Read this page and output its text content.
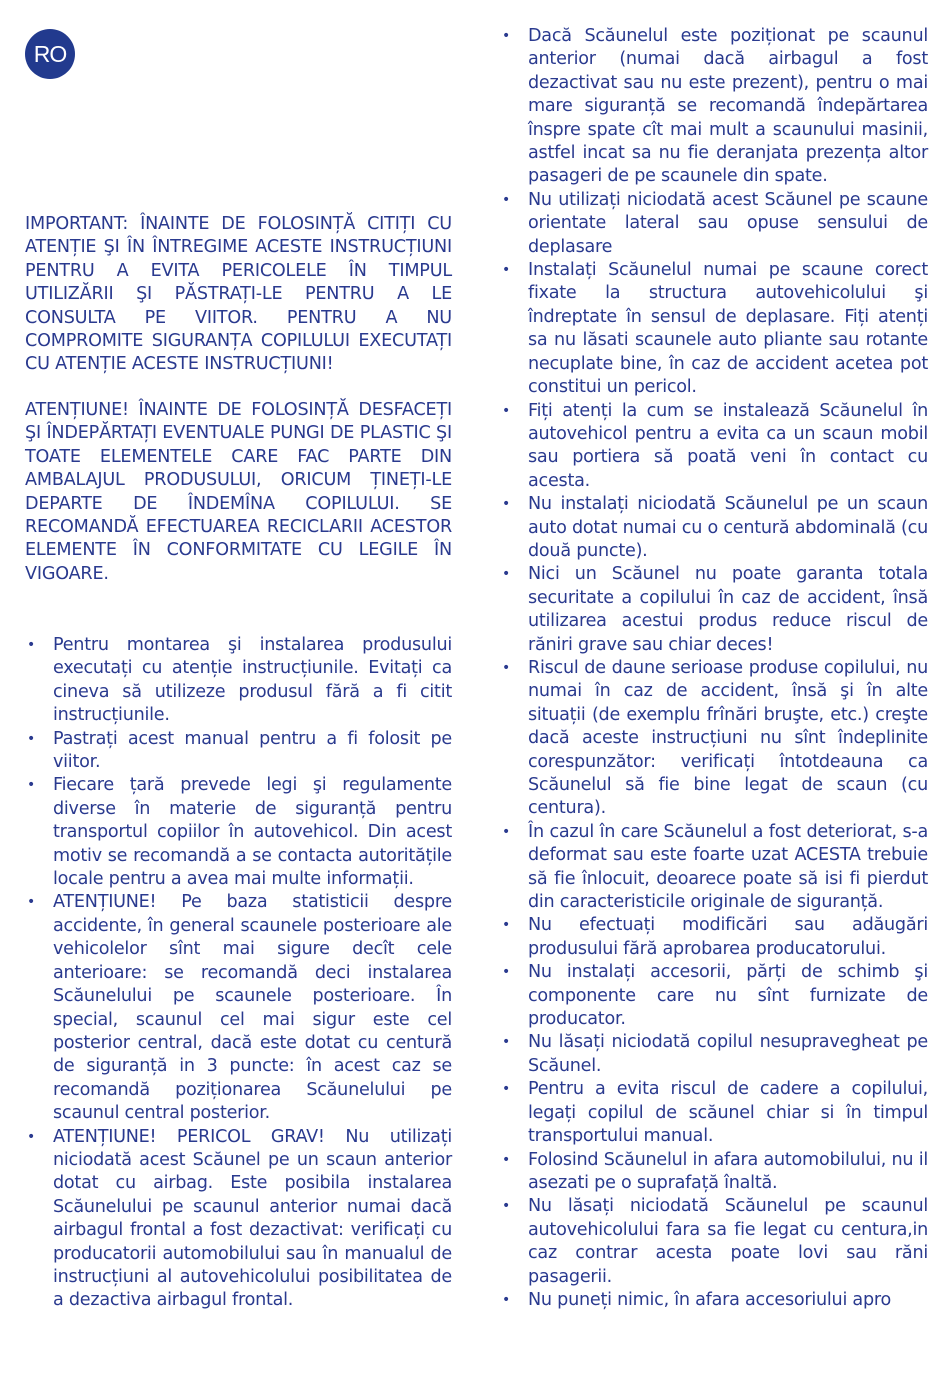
RO

IMPORTANT: ÎNAINTE DE FOLOSINȚĂ CITIȚI CU ATENȚIE ŞI ÎN ÎNTREGIME ACESTE INSTRUCȚIUNI PENTRU A EVITA PERICOLELE ÎN TIMPUL UTILIZĂRII ŞI PĂSTRAȚI-LE PENTRU A LE CONSULTA PE VIITOR. PENTRU A NU COMPROMITE SIGURANȚA COPILULUI EXECUTAȚI CU ATENȚIE ACESTE INSTRUCȚIUNI!

ATENȚIUNE! ÎNAINTE DE FOLOSINȚĂ DESFACEȚI ŞI ÎNDEPĂRTAȚI EVENTUALE PUNGI DE PLASTIC ŞI TOATE ELEMENTELE CARE FAC PARTE DIN AMBALAJUL PRODUSULUI, ORICUM ȚINEȚI-LE DEPARTE DE ÎNDEMÎNA COPILULUI. SE RECOMANDĂ EFECTUAREA RECICLARII ACESTOR ELEMENTE ÎN CONFORMITATE CU LEGILE ÎN VIGOARE.

• Pentru montarea şi instalarea produsului executați cu atenție instrucțiunile. Evitați ca cineva să utilizeze produsul fără a fi citit instrucțiunile.
• Pastrați acest manual pentru a fi folosit pe viitor.
• Fiecare țară prevede legi şi regulamente diverse în materie de siguranță pentru transportul copiilor în autovehicol. Din acest motiv se recomandă a se contacta autoritățile locale pentru a avea mai multe informații.
• ATENȚIUNE! Pe baza statisticii despre accidente, în general scaunele posterioare ale vehicolelor sînt mai sigure decît cele anterioare: se recomandă deci instalarea Scăunelului pe scaunele posterioare. În special, scaunul cel mai sigur este cel posterior central, dacă este dotat cu centură de siguranță in 3 puncte: în acest caz se recomandă poziționarea Scăunelului pe scaunul central posterior.
• ATENȚIUNE! PERICOL GRAV! Nu utilizați niciodată acest Scăunel pe un scaun anterior dotat cu airbag. Este posibila instalarea Scăunelului pe scaunul anterior numai dacă airbagul frontal a fost dezactivat: verificați cu producatorii automobilului sau în manualul de instrucțiuni al autovehicolului posibilitatea de a dezactiva airbagul frontal.
• Dacă Scăunelul este poziționat pe scaunul anterior (numai dacă airbagul a fost dezactivat sau nu este prezent), pentru o mai mare siguranță se recomandă îndepărtarea înspre spate cît mai mult a scaunului masinii, astfel incat sa nu fie deranjata prezența altor pasageri de pe scaunele din spate.
• Nu utilizați niciodată acest Scăunel pe scaune orientate lateral sau opuse sensului de deplasare
• Instalați Scăunelul numai pe scaune corect fixate la structura autovehicolului şi îndreptate în sensul de deplasare. Fiți atenți sa nu lăsati scaunele auto pliante sau rotante necuplate bine, în caz de accident acetea pot constitui un pericol.
• Fiți atenți la cum se instalează Scăunelul în autovehicol pentru a evita ca un scaun mobil sau portiera să poată veni în contact cu acesta.
• Nu instalați niciodată Scăunelul pe un scaun auto dotat numai cu o centură abdominală (cu două puncte).
• Nici un Scăunel nu poate garanta totala securitate a copilului în caz de accident, însă utilizarea acestui produs reduce riscul de răniri grave sau chiar deces!
• Riscul de daune serioase produse copilului, nu numai în caz de accident, însă şi în alte situații (de exemplu frînări bruşte, etc.) creşte dacă aceste instrucțiuni nu sînt îndeplinite corespunzător: verificați întotdeauna ca Scăunelul să fie bine legat de scaun (cu centura).
• În cazul în care Scăunelul a fost deteriorat, s-a deformat sau este foarte uzat ACESTA trebuie să fie înlocuit, deoarece poate să isi fi pierdut din caracteristicile originale de siguranță.
• Nu efectuați modificări sau adăugări produsului fără aprobarea producatorului.
• Nu instalați accesorii, părți de schimb şi componente care nu sînt furnizate de producator.
• Nu lăsați niciodată copilul nesupravegheat pe Scăunel.
• Pentru a evita riscul de cadere a copilului, legați copilul de scăunel chiar si în timpul transportului manual.
• Folosind Scăunelul in afara automobilului, nu il asezati pe o suprafață înaltă.
• Nu lăsați niciodată Scăunelul pe scaunul autovehicolului fara sa fie legat cu centura,in caz contrar acesta poate lovi sau răni pasagerii.
• Nu puneți nimic, în afara accesoriului apro
